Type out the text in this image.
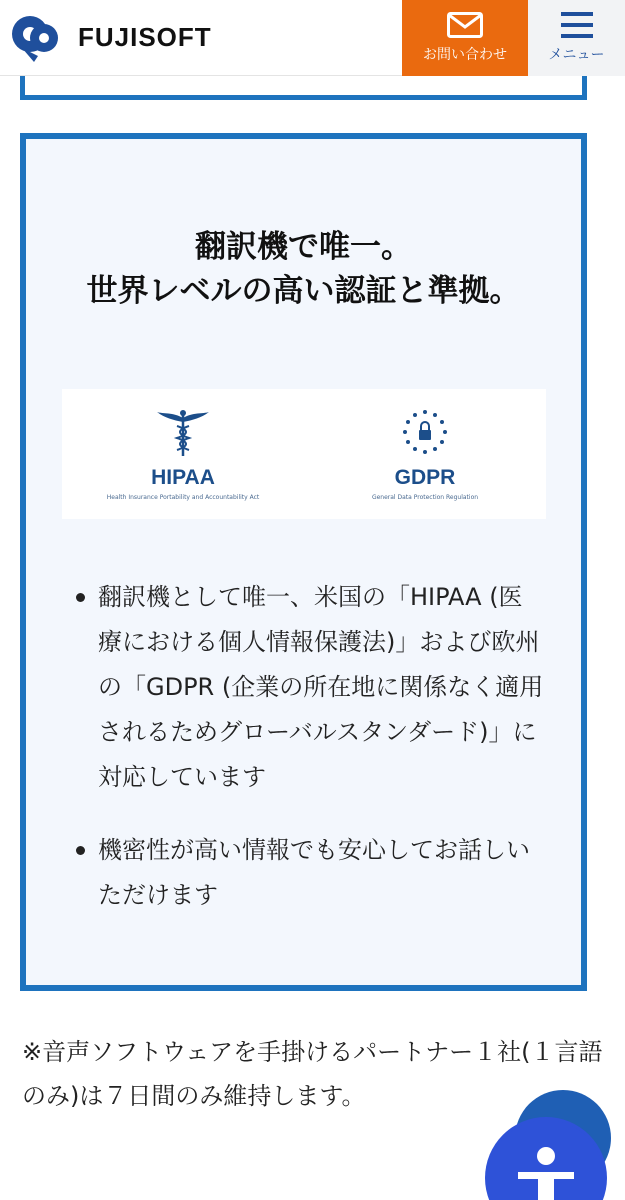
FUJISOFT
お問い合わせ	メニュー
翻訳機で唯一。
世界レベルの高い認証と準拠。
HIPAA
Health Insurance Portability and Accountability Act
GDPR
General Data Protection Regulation
翻訳機として唯一、米国の「HIPAA (医療における個人情報保護法)」および欧州の「GDPR (企業の所在地に関係なく適用されるためグローバルスタンダード)」に対応しています
機密性が高い情報でも安心してお話しいただけます

※音声ソフトウェアを手掛けるパートナー１社(１言語のみ)は７日間のみ維持します。
